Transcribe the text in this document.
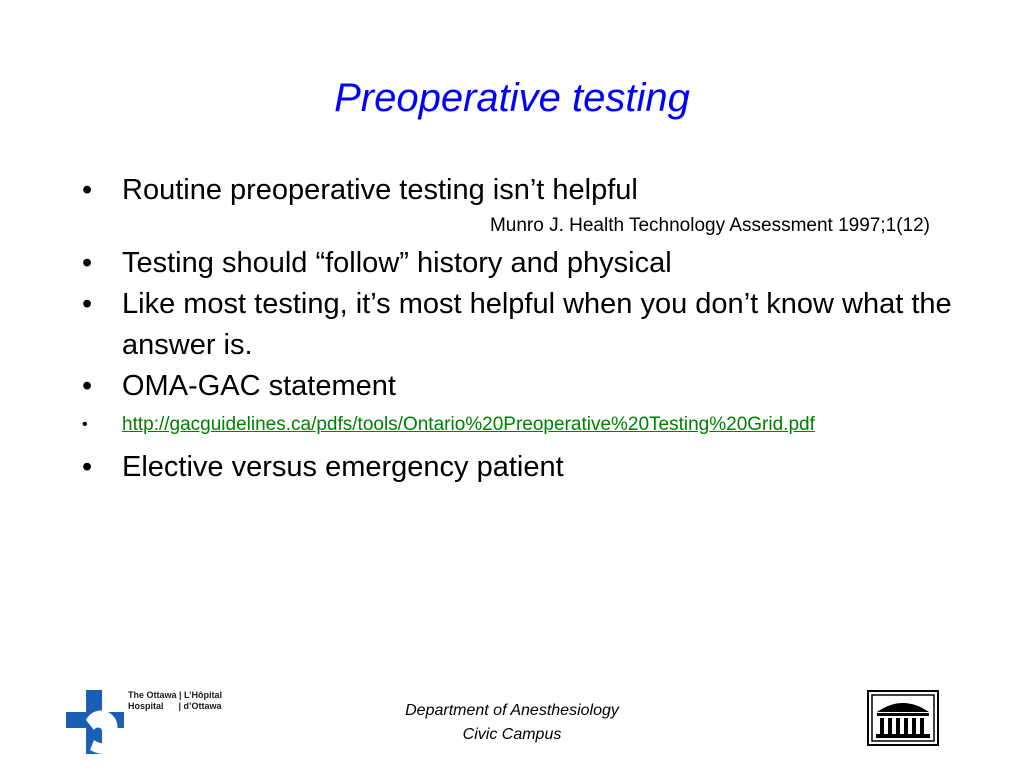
Preoperative testing
• Routine preoperative testing isn’t helpful
Munro J. Health Technology Assessment 1997;1(12)
• Testing should “follow” history and physical
• Like most testing, it’s most helpful when you don’t know what the answer is.
• OMA-GAC statement
• http://gacguidelines.ca/pdfs/tools/Ontario%20Preoperative%20Testing%20Grid.pdf
• Elective versus emergency patient
The Ottawa | L’Hôpital
Hospital      | d’Ottawa	Department of Anesthesiology
Civic Campus
